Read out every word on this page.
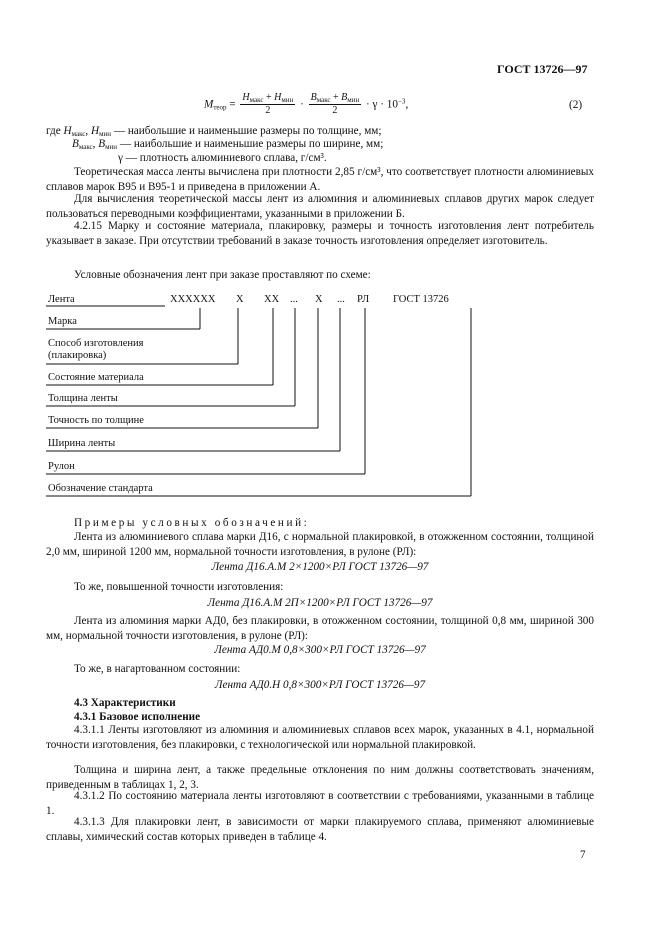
ГОСТ 13726—97
$M_{теор} = \frac{H_{макс} + H_{мин}}{2} \cdot \frac{B_{макс} + B_{мин}}{2} \cdot \gamma \cdot 10^{-3}$,	(2)
где $H_{макс}$, $H_{мин}$ — наибольшие и наименьшие размеры по толщине, мм;
$B_{макс}$, $B_{мин}$ — наибольшие и наименьшие размеры по ширине, мм;
γ — плотность алюминиевого сплава, г/см³.
Теоретическая масса ленты вычислена при плотности 2,85 г/см³, что соответствует плотности алюминиевых сплавов марок В95 и В95-1 и приведена в приложении А.
Для вычисления теоретической массы лент из алюминия и алюминиевых сплавов других марок следует пользоваться переводными коэффициентами, указанными в приложении Б.
4.2.15 Марку и состояние материала, плакировку, размеры и точность изготовления лент потребитель указывает в заказе. При отсутствии требований в заказе точность изготовления определяет изготовитель.
Условные обозначения лент при заказе проставляют по схеме:
XXXXXX X XX ... X ... РЛ ГОСТ 13726
Лента
Марка
Способ изготовления
(плакировка)
Состояние материала
Толщина ленты
Точность по толщине
Ширина ленты
Рулон
Обозначение стандарта
Примеры условных обозначений:
Лента из алюминиевого сплава марки Д16, с нормальной плакировкой, в отожженном состоянии, толщиной 2,0 мм, шириной 1200 мм, нормальной точности изготовления, в рулоне (РЛ):
Лента Д16.А.М 2×1200×РЛ ГОСТ 13726—97
То же, повышенной точности изготовления:
Лента Д16.А.М 2П×1200×РЛ ГОСТ 13726—97
Лента из алюминия марки АД0, без плакировки, в отожженном состоянии, толщиной 0,8 мм, шириной 300 мм, нормальной точности изготовления, в рулоне (РЛ):
Лента АД0.М 0,8×300×РЛ ГОСТ 13726—97
То же, в нагартованном состоянии:
Лента АД0.Н 0,8×300×РЛ ГОСТ 13726—97
4.3 Характеристики
4.3.1 Базовое исполнение
4.3.1.1 Ленты изготовляют из алюминия и алюминиевых сплавов всех марок, указанных в 4.1, нормальной точности изготовления, без плакировки, с технологической или нормальной плакировкой.
Толщина и ширина лент, а также предельные отклонения по ним должны соответствовать значениям, приведенным в таблицах 1, 2, 3.
4.3.1.2 По состоянию материала ленты изготовляют в соответствии с требованиями, указанными в таблице 1.
4.3.1.3 Для плакировки лент, в зависимости от марки плакируемого сплава, применяют алюминиевые сплавы, химический состав которых приведен в таблице 4.
7
